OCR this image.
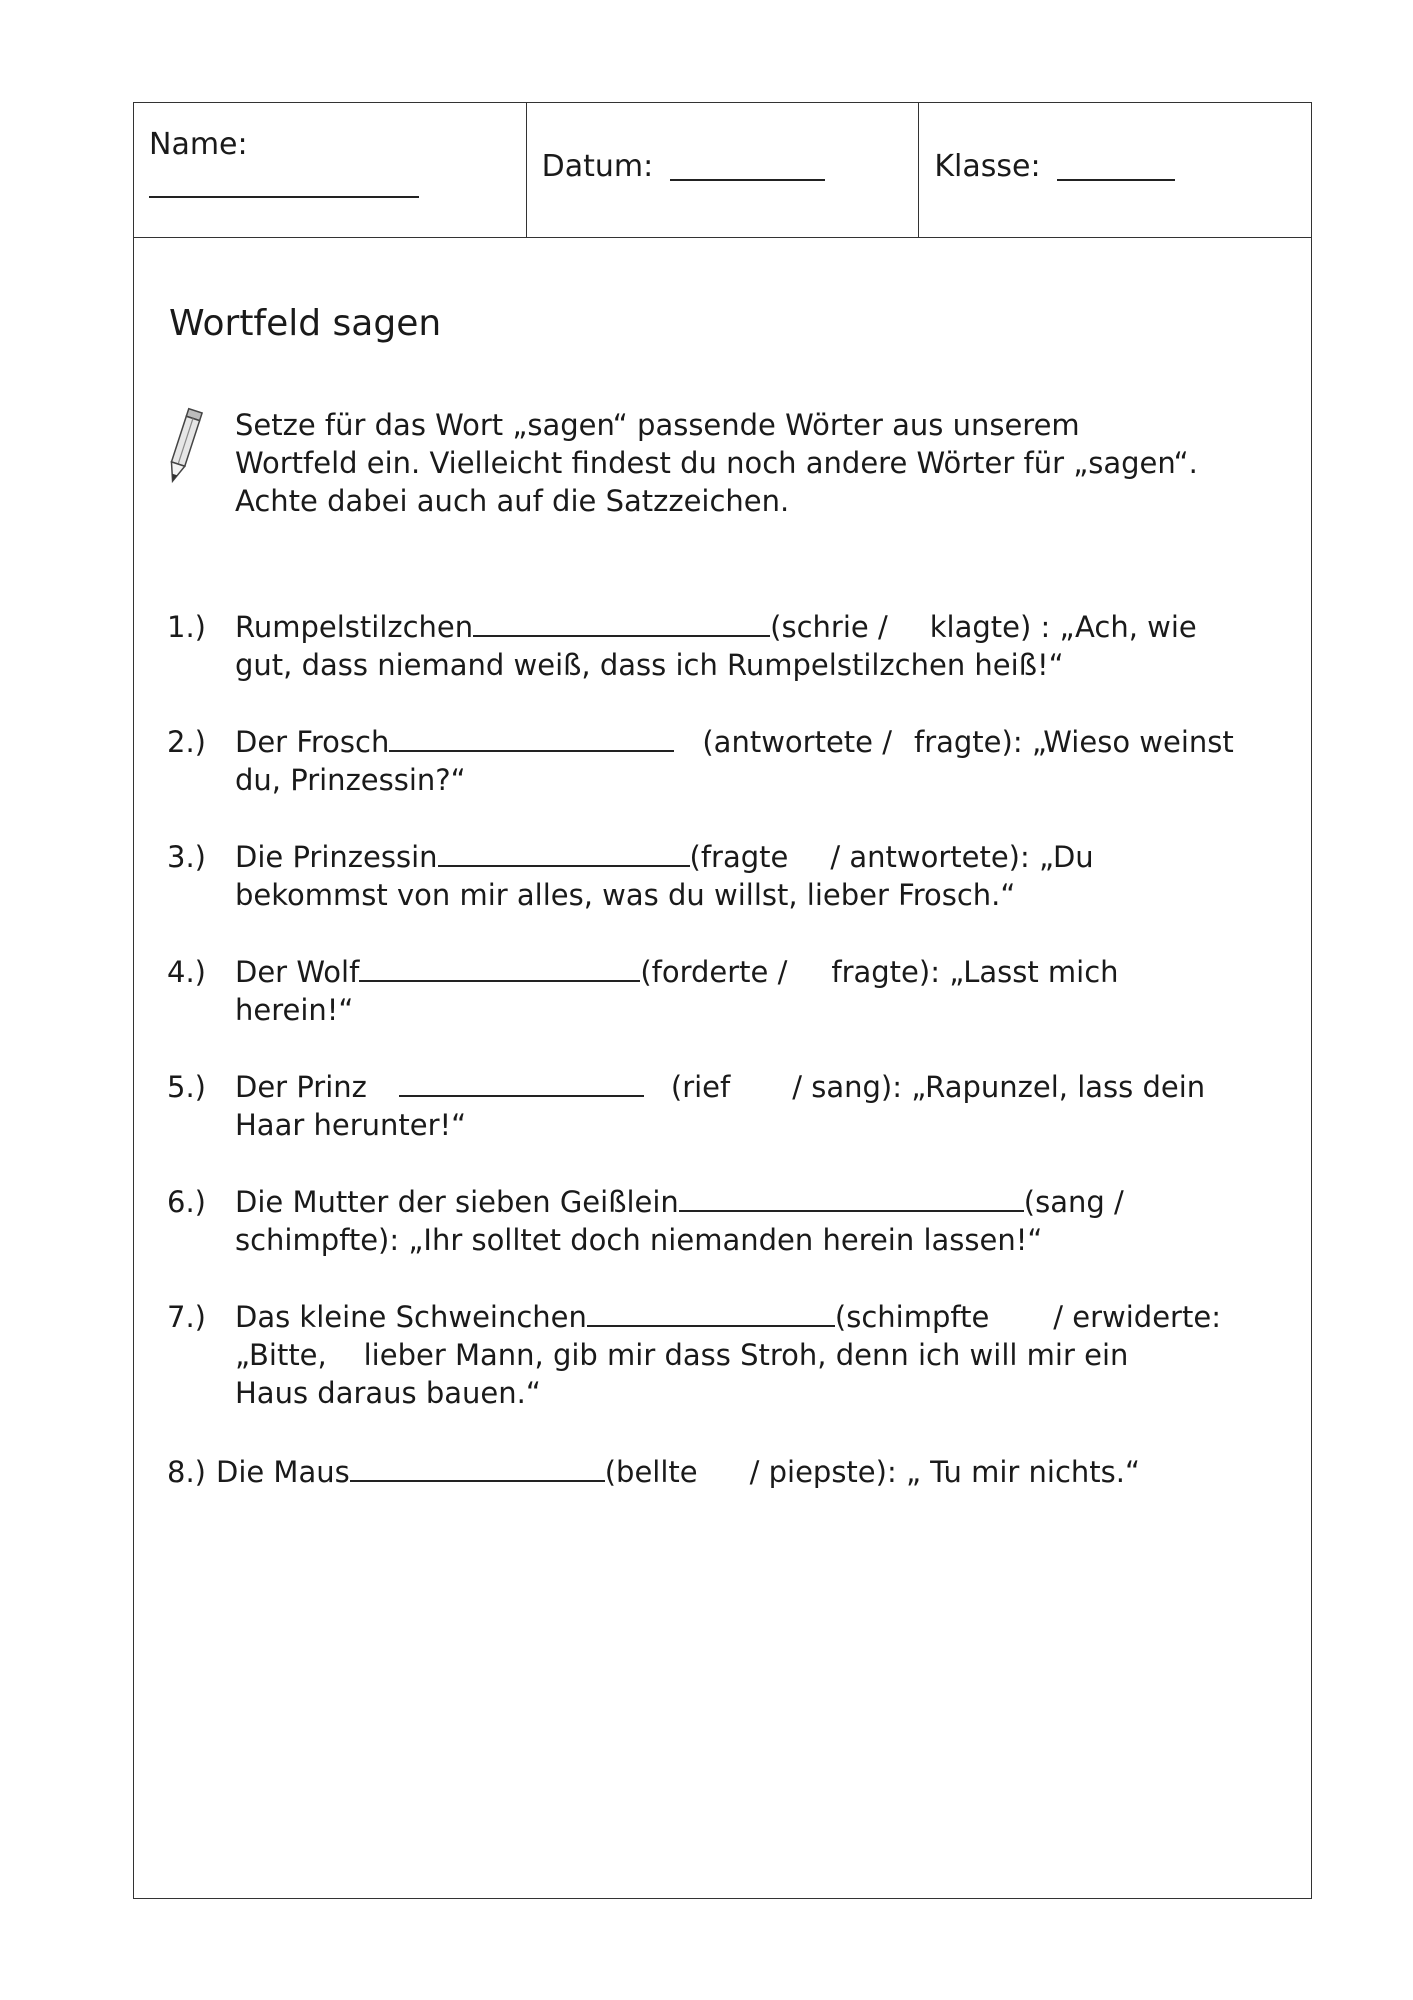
Name:
Datum:	Klasse:
Wortfeld sagen
Setze für das Wort „sagen“ passende Wörter aus unserem
Wortfeld ein. Vielleicht findest du noch andere Wörter für „sagen“.
Achte dabei auch auf die Satzzeichen.
1.)	Rumpelstilzchen	(schrie / klagte) : „Ach, wie
gut, dass niemand weiß, dass ich Rumpelstilzchen heiß!“
2.)	Der Frosch	(antwortete / fragte): „Wieso weinst
du, Prinzessin?“
3.)	Die Prinzessin	(fragte / antwortete): „Du
bekommst von mir alles, was du willst, lieber Frosch.“
4.)	Der Wolf	(forderte / fragte): „Lasst mich
herein!“
5.)	Der Prinz	(rief / sang): „Rapunzel, lass dein
Haar herunter!“
6.)	Die Mutter der sieben Geißlein	(sang /
schimpfte): „Ihr solltet doch niemanden herein lassen!“
7.)	Das kleine Schweinchen	(schimpfte / erwiderte:
„Bitte,    lieber Mann, gib mir dass Stroh, denn ich will mir ein
Haus daraus bauen.“
8.) Die Maus	(bellte / piepste): „ Tu mir nichts.“
